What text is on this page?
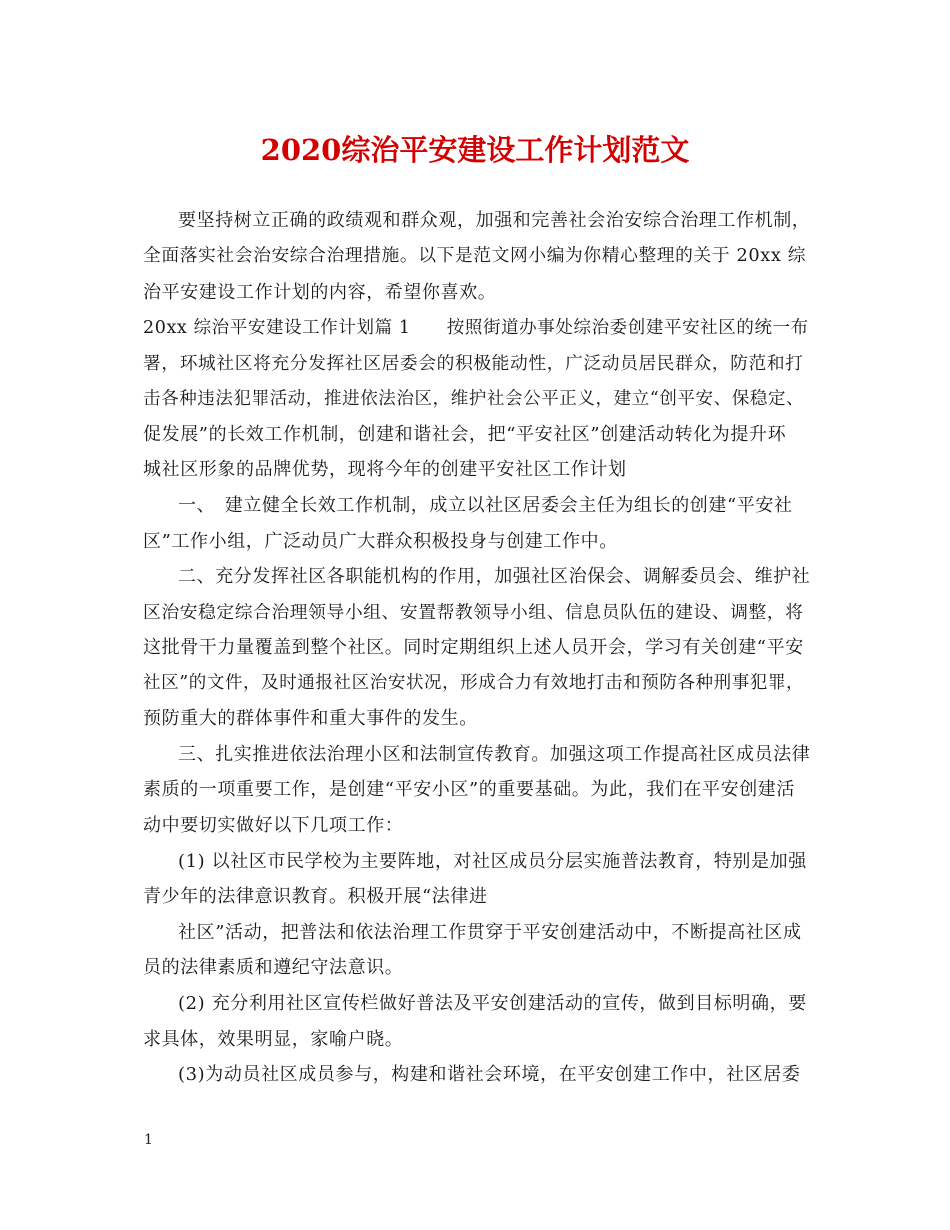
2020综治平安建设工作计划范文
要坚持树立正确的政绩观和群众观，加强和完善社会治安综合治理工作机制，
全面落实社会治安综合治理措施。以下是范文网小编为你精心整理的关于 20xx 综
治平安建设工作计划的内容，希望你喜欢。
20xx 综治平安建设工作计划篇 1　　按照街道办事处综治委创建平安社区的统一布
署，环城社区将充分发挥社区居委会的积极能动性，广泛动员居民群众，防范和打
击各种违法犯罪活动，推进依法治区，维护社会公平正义，建立“创平安、保稳定、
促发展”的长效工作机制，创建和谐社会，把“平安社区”创建活动转化为提升环
城社区形象的品牌优势，现将今年的创建平安社区工作计划
一、　建立健全长效工作机制，成立以社区居委会主任为组长的创建“平安社
区”工作小组，广泛动员广大群众积极投身与创建工作中。
二、充分发挥社区各职能机构的作用，加强社区治保会、调解委员会、维护社
区治安稳定综合治理领导小组、安置帮教领导小组、信息员队伍的建设、调整，将
这批骨干力量覆盖到整个社区。同时定期组织上述人员开会，学习有关创建“平安
社区”的文件，及时通报社区治安状况，形成合力有效地打击和预防各种刑事犯罪，
预防重大的群体事件和重大事件的发生。
三、扎实推进依法治理小区和法制宣传教育。加强这项工作提高社区成员法律
素质的一项重要工作，是创建“平安小区”的重要基础。为此，我们在平安创建活
动中要切实做好以下几项工作：
(1) 以社区市民学校为主要阵地，对社区成员分层实施普法教育，特别是加强
青少年的法律意识教育。积极开展“法律进
社区”活动，把普法和依法治理工作贯穿于平安创建活动中，不断提高社区成
员的法律素质和遵纪守法意识。
(2) 充分利用社区宣传栏做好普法及平安创建活动的宣传，做到目标明确，要
求具体，效果明显，家喻户晓。
(3)为动员社区成员参与，构建和谐社会环境，在平安创建工作中，社区居委
1
